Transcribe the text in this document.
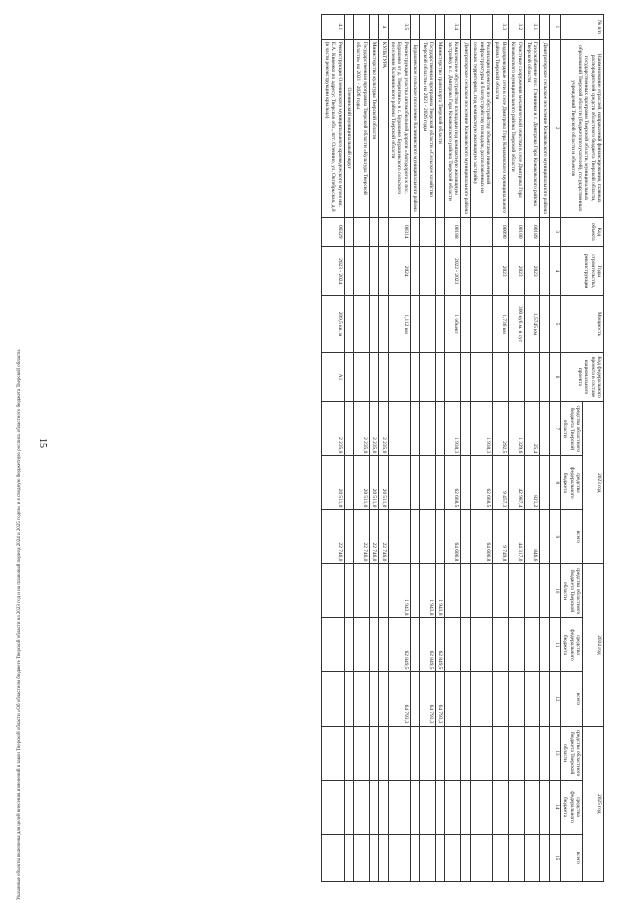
15
№ п/п	Наименование отраслей, направлений финансирования, главных распорядителей средств областного бюджета Тверской области, государственных программ Тверской области, муниципальных образований Тверской области (бюджетополучателей), государственных учреждений Тверской области и объектов	Код объекта	Годы строительства, реконструкции	Мощность	Код федерального проекта в составе национального проекта	2023 год			2024 год			2025 год		
						средства областного бюджета Тверской области	средства федерального бюджета	всего	средства областного бюджета Тверской области	средства федерального бюджета	всего	средства областного бюджета Тверской области	средства федерального бюджета	всего
1	2	3	4	5	6	7	8	9	10	11	12	13	14	15
	Дмитрогорское сельское поселение Конаковского муниципального района													
3.1	Газоснабжение пос. Глинники и с. Дмитрова Гора Конаковского района Тверской области	00189	2023	1,5745 км		25,4	821,2	846,6						
3.2	Очистные сооружения механической очистки в селе Дмитрова Гора Конаковского муниципального района Тверской области	00180	2023	300 куб.м. в сут		1 329,6	42 987,4	44 317,0						
3.3	Водопроводные сети в селе Дмитрова Гора Конаковского муниципального района Тверской области	00090	2023	1,736 км		292,5	9 457,3	9 749,8						
	Реализация проектов по обустройству объектами инженерной инфраструктуры и благоустройству площадок, расположенных на сельских территориях, под компактную жилищную застройку					1 938,3	62 668,5	64 606,8						
	Дмитрогорское сельское поселение Конаковского муниципального района													
3.4	Комплексное обустройство площадки под компактную жилищную застройку в с. Дмитрова Гора Конаковского района Тверской области	00188	2022 - 2023	1 объект		1 938,3	62 668,5	64 606,8						
	Министерство транспорта Тверской области								1 943,8	62 849,5	64 793,3			
	Государственная программа Тверской области «Сельское хозяйство Тверской области» на 2021 - 2026 годы								1 943,8	62 849,5	64 793,3			
	Бурашевское сельское поселение Калининского муниципального района													
3.5	Реконструкция участка автомобильной дороги «Автодорога к пос. Бурашево от д. Тверитино» в с. Бурашево Бурашевского сельского поселения Калининского района Тверской области	00314	2024	1,112 км					1 943,8	62 849,5	64 793,3			
4	КУЛЬТУРА					2 235,0	20 511,0	22 746,0						
	Министерство культуры Тверской области					2 235,0	20 511,0	22 746,0						
	Государственная программа Тверской области «Культура Тверской области» на 2021 - 2026 годы					2 235,0	20 511,0	22 746,0						
	Оленинский муниципальный округ													
4.1	Реконструкция Оленинского муниципального краеведческого музея им. Е.А. Кивенко по адресу: Тверская обл., пгт. Оленино, ул. Октябрьская, д.8 (в части реконструкции крыльца)	00329	2023 - 2024	209,5 кв. м	А1	2 235,0	20 511,0	22 746,0						
Указанные объекты включены для целей внесения изменений в закон Тверской области «Об областном бюджете Тверской области на 2023 год и на плановый период 2024 и 2025 годов» и в сводную бюджетную роспись областного бюджета Тверской области.
